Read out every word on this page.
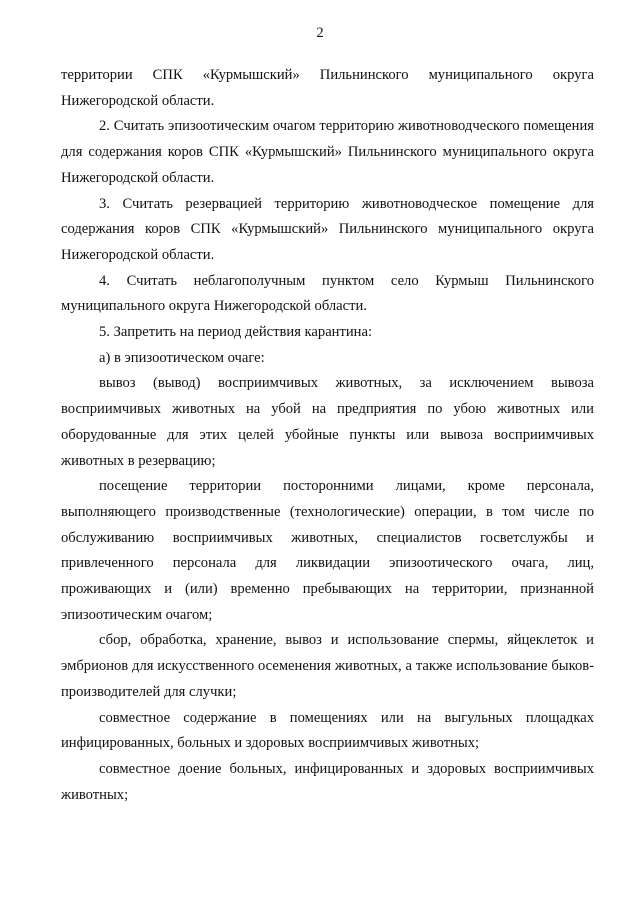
2

территории СПК «Курмышский» Пильнинского муниципального округа Нижегородской области.

2. Считать эпизоотическим очагом территорию животноводческого помещения для содержания коров СПК «Курмышский» Пильнинского муниципального округа Нижегородской области.

3. Считать резервацией территорию животноводческое помещение для содержания коров СПК «Курмышский» Пильнинского муниципального округа Нижегородской области.

4. Считать неблагополучным пунктом село Курмыш Пильнинского муниципального округа Нижегородской области.

5. Запретить на период действия карантина:

а) в эпизоотическом очаге:

вывоз (вывод) восприимчивых животных, за исключением вывоза восприимчивых животных на убой на предприятия по убою животных или оборудованные для этих целей убойные пункты или вывоза восприимчивых животных в резервацию;

посещение территории посторонними лицами, кроме персонала, выполняющего производственные (технологические) операции, в том числе по обслуживанию восприимчивых животных, специалистов госветслужбы и привлеченного персонала для ликвидации эпизоотического очага, лиц, проживающих и (или) временно пребывающих на территории, признанной эпизоотическим очагом;

сбор, обработка, хранение, вывоз и использование спермы, яйцеклеток и эмбрионов для искусственного осеменения животных, а также использование быков-производителей для случки;

совместное содержание в помещениях или на выгульных площадках инфицированных, больных и здоровых восприимчивых животных;

совместное доение больных, инфицированных и здоровых восприимчивых животных;
